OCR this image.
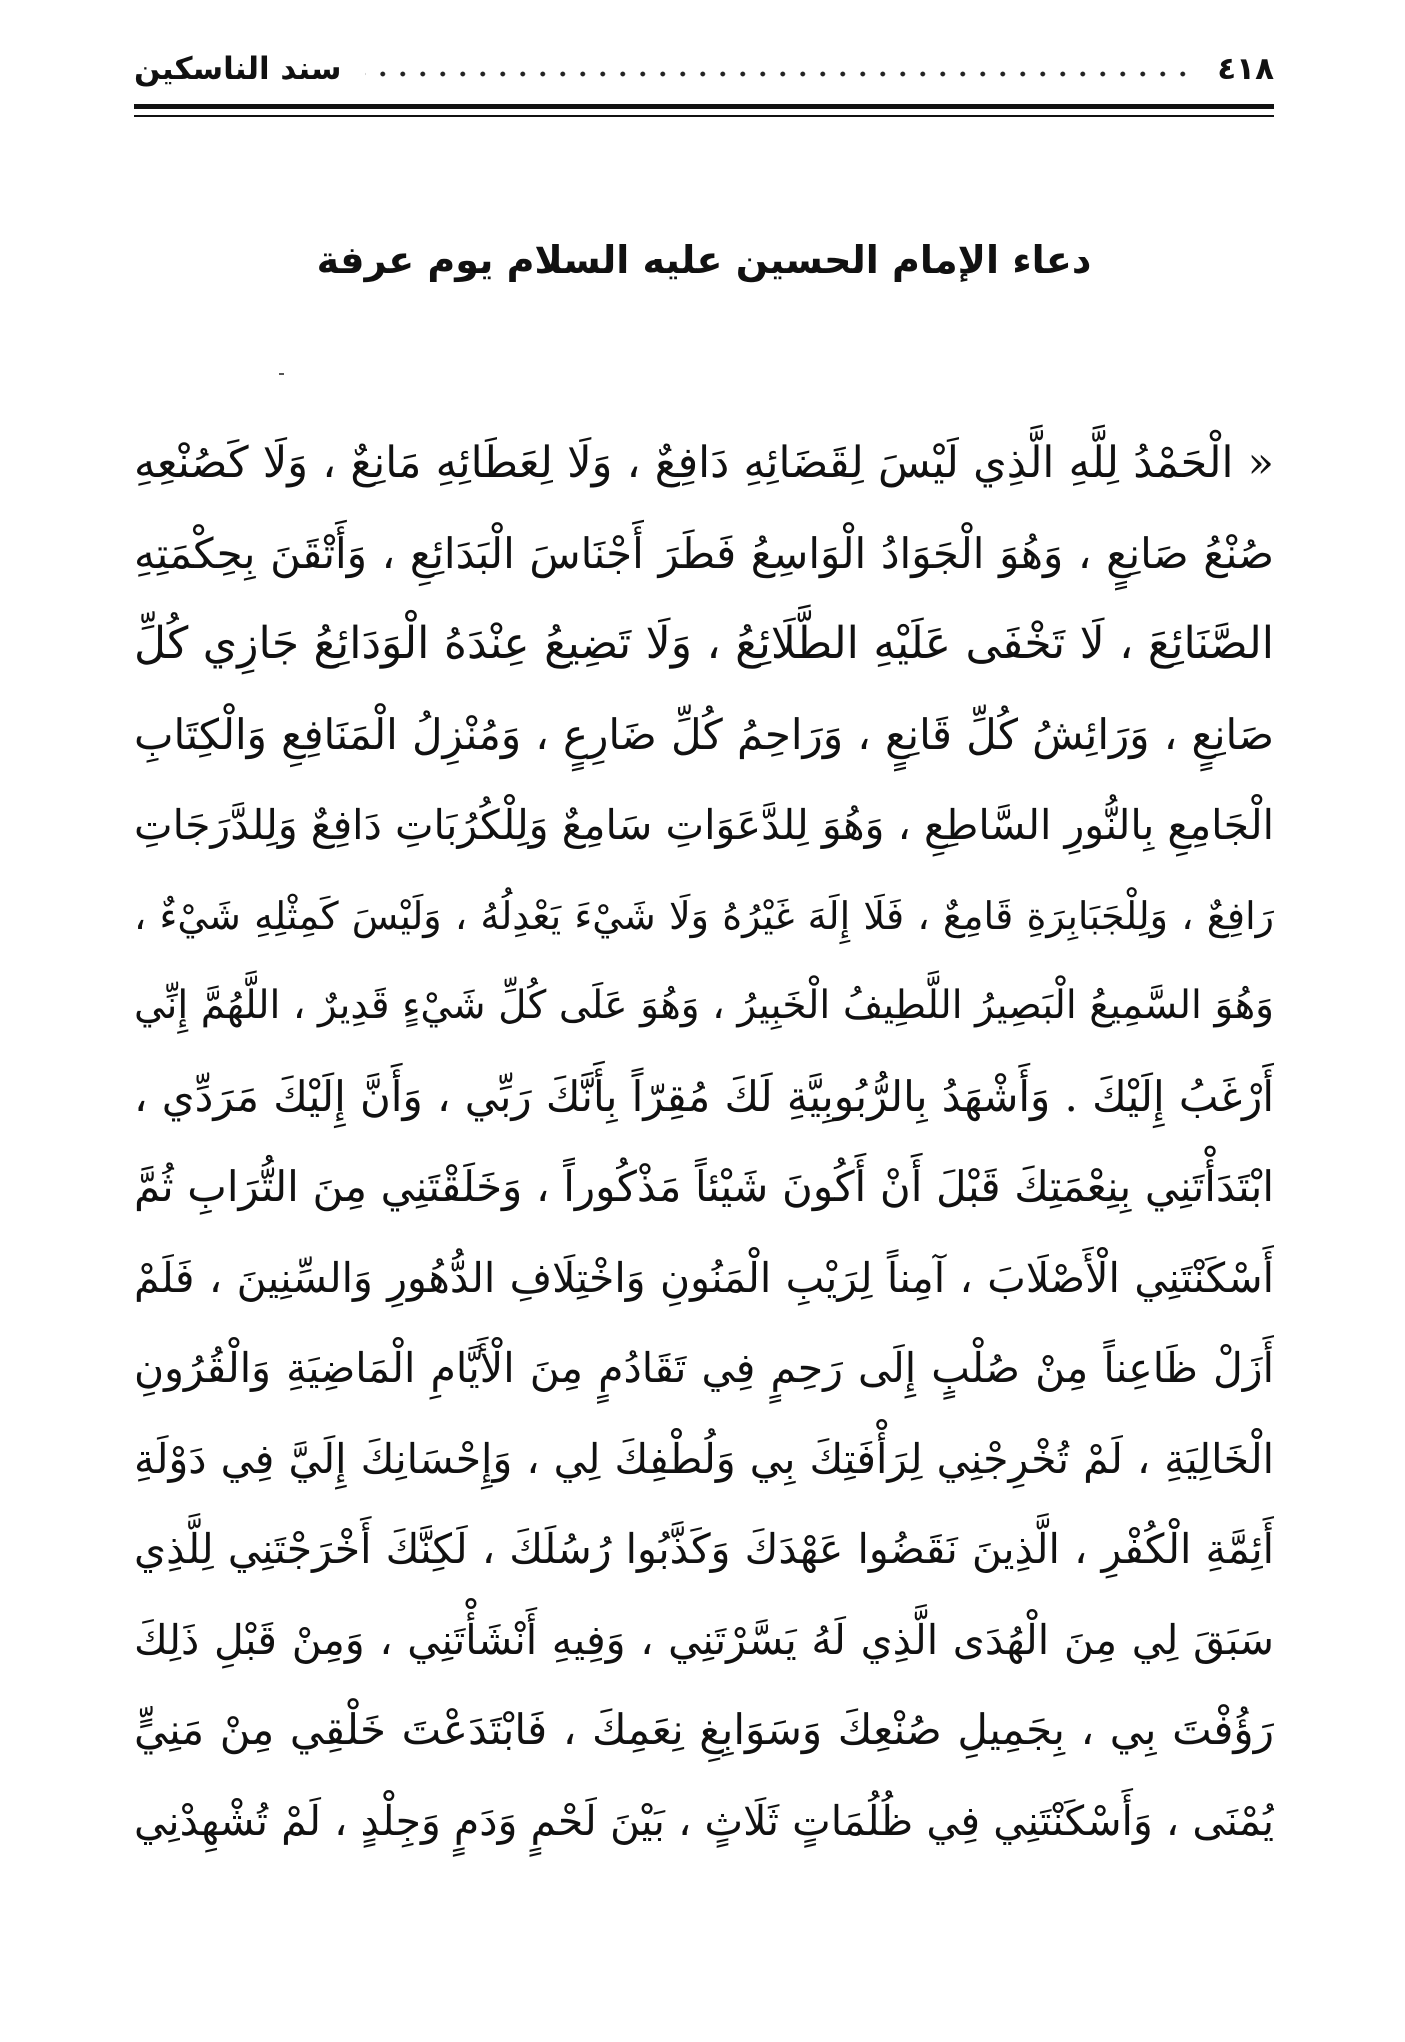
٤١٨
سند الناسكين
دعاء الإمام الحسين عليه السلام يوم عرفة
« الْحَمْدُ لِلَّهِ الَّذِي لَيْسَ لِقَضَائِهِ دَافِعٌ ، وَلَا لِعَطَائِهِ مَانِعٌ ، وَلَا كَصُنْعِهِ
صُنْعُ صَانِعٍ ، وَهُوَ الْجَوَادُ الْوَاسِعُ فَطَرَ أَجْنَاسَ الْبَدَائِعِ ، وَأَتْقَنَ بِحِكْمَتِهِ
الصَّنَائِعَ ، لَا تَخْفَى عَلَيْهِ الطَّلَائِعُ ، وَلَا تَضِيعُ عِنْدَهُ الْوَدَائِعُ جَازِي كُلِّ
صَانِعٍ ، وَرَائِشُ كُلِّ قَانِعٍ ، وَرَاحِمُ كُلِّ ضَارِعٍ ، وَمُنْزِلُ الْمَنَافِعِ وَالْكِتَابِ
الْجَامِعِ بِالنُّورِ السَّاطِعِ ، وَهُوَ لِلدَّعَوَاتِ سَامِعٌ وَلِلْكُرُبَاتِ دَافِعٌ وَلِلدَّرَجَاتِ
رَافِعٌ ، وَلِلْجَبَابِرَةِ قَامِعٌ ، فَلَا إِلَهَ غَيْرُهُ وَلَا شَيْءَ يَعْدِلُهُ ، وَلَيْسَ كَمِثْلِهِ شَيْءٌ ،
وَهُوَ السَّمِيعُ الْبَصِيرُ اللَّطِيفُ الْخَبِيرُ ، وَهُوَ عَلَى كُلِّ شَيْءٍ قَدِيرٌ ، اللَّهُمَّ إِنِّي
أَرْغَبُ إِلَيْكَ . وَأَشْهَدُ بِالرُّبُوبِيَّةِ لَكَ مُقِرّاً بِأَنَّكَ رَبِّي ، وَأَنَّ إِلَيْكَ مَرَدِّي ،
ابْتَدَأْتَنِي بِنِعْمَتِكَ قَبْلَ أَنْ أَكُونَ شَيْئاً مَذْكُوراً ، وَخَلَقْتَنِي مِنَ التُّرَابِ ثُمَّ
أَسْكَنْتَنِي الْأَصْلَابَ ، آمِناً لِرَيْبِ الْمَنُونِ وَاخْتِلَافِ الدُّهُورِ وَالسِّنِينَ ، فَلَمْ
أَزَلْ ظَاعِناً مِنْ صُلْبٍ إِلَى رَحِمٍ فِي تَقَادُمٍ مِنَ الْأَيَّامِ الْمَاضِيَةِ وَالْقُرُونِ
الْخَالِيَةِ ، لَمْ تُخْرِجْنِي لِرَأْفَتِكَ بِي وَلُطْفِكَ لِي ، وَإِحْسَانِكَ إِلَيَّ فِي دَوْلَةِ
أَئِمَّةِ الْكُفْرِ ، الَّذِينَ نَقَضُوا عَهْدَكَ وَكَذَّبُوا رُسُلَكَ ، لَكِنَّكَ أَخْرَجْتَنِي لِلَّذِي
سَبَقَ لِي مِنَ الْهُدَى الَّذِي لَهُ يَسَّرْتَنِي ، وَفِيهِ أَنْشَأْتَنِي ، وَمِنْ قَبْلِ ذَلِكَ
رَؤُفْتَ بِي ، بِجَمِيلِ صُنْعِكَ وَسَوَابِغِ نِعَمِكَ ، فَابْتَدَعْتَ خَلْقِي مِنْ مَنِيٍّ
يُمْنَى ، وَأَسْكَنْتَنِي فِي ظُلُمَاتٍ ثَلَاثٍ ، بَيْنَ لَحْمٍ وَدَمٍ وَجِلْدٍ ، لَمْ تُشْهِدْنِي
